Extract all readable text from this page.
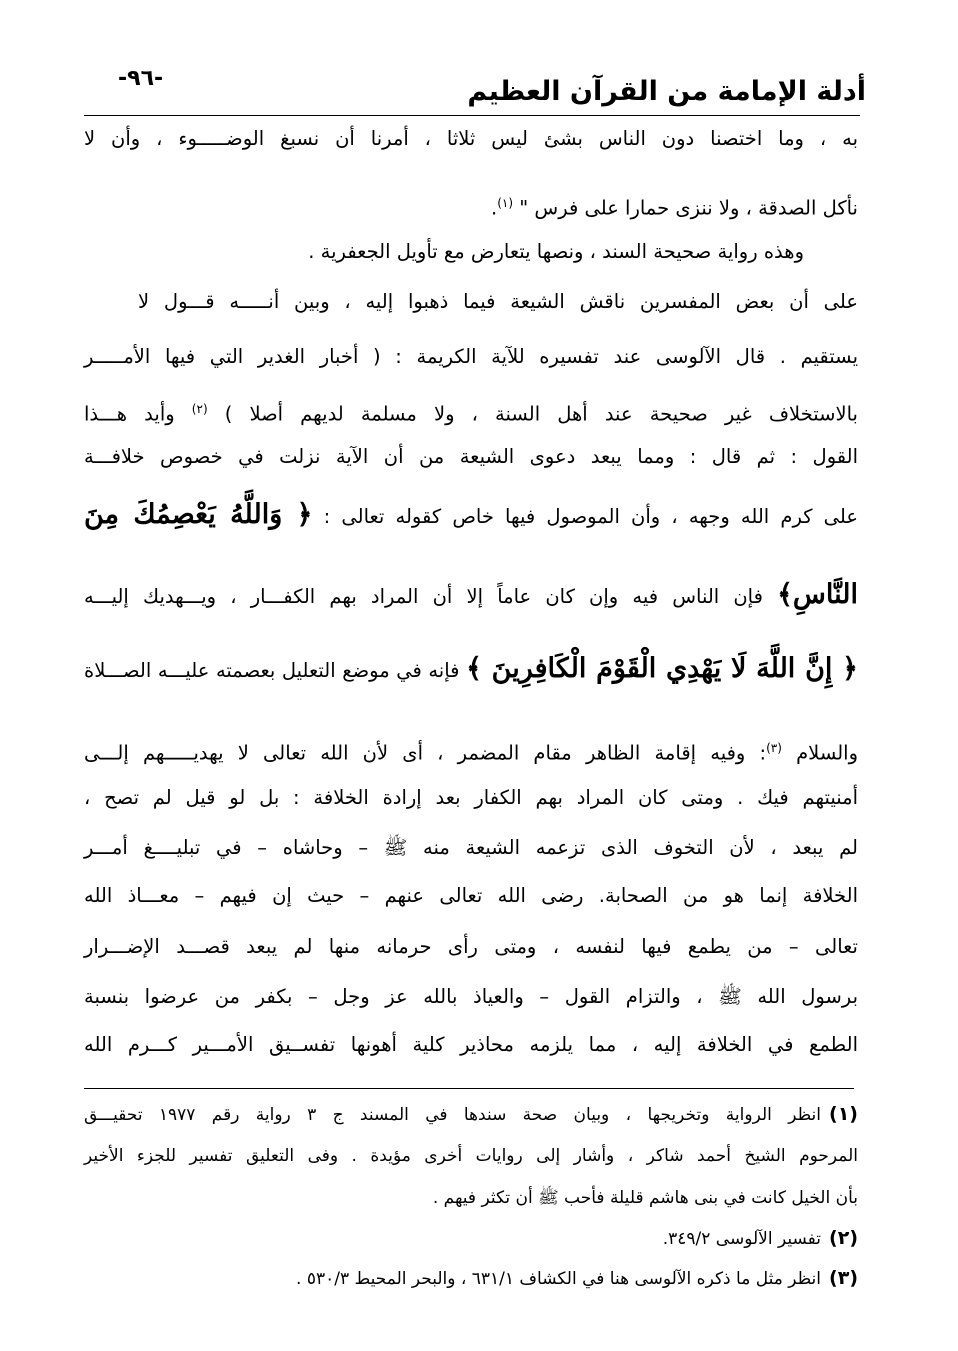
-٩٦-	أدلة الإمامة من القرآن العظيم
به ، وما اختصنا دون الناس بشئ ليس ثلاثا ، أمرنا أن نسبغ الوضـــــوء ، وأن لا
نأكل الصدقة ، ولا ننزى حمارا على فرس " $^{(١)}$.
وهذه رواية صحيحة السند ، ونصها يتعارض مع تأويل الجعفرية .
على أن بعض المفسرين ناقش الشيعة فيما ذهبوا إليه ، وبين أنـــــه قـــول لا
يستقيم . قال الآلوسى عند تفسيره للآية الكريمة : ( أخبار الغدير التي فيها الأمـــــر
بالاستخلاف غير صحيحة عند أهل السنة ، ولا مسلمة لديهم أصلا ) $^{(٢)}$ وأيد هـــذا
القول : ثم قال : ومما يبعد دعوى الشيعة من أن الآية نزلت في خصوص خلافـــة
على كرم الله وجهه ، وأن الموصول فيها خاص كقوله تعالى : ﴿ وَاللَّهُ يَعْصِمُكَ مِنَ
النَّاسِ﴾ فإن الناس فيه وإن كان عاماً إلا أن المراد بهم الكفـــار ، ويـــهديك إليـــه
﴿ إِنَّ اللَّهَ لَا يَهْدِي الْقَوْمَ الْكَافِرِينَ ﴾ فإنه في موضع التعليل بعصمته عليـــه الصـــلاة
والسلام $^{(٣)}$: وفيه إقامة الظاهر مقام المضمر ، أى لأن الله تعالى لا يهديـــــهم إلـــى
أمنيتهم فيك . ومتى كان المراد بهم الكفار بعد إرادة الخلافة : بل لو قيل لم تصح ،
لم يبعد ، لأن التخوف الذى تزعمه الشيعة منه ﷺ – وحاشاه – في تبليــــغ أمـــر
الخلافة إنما هو من الصحابة. رضى الله تعالى عنهم – حيث إن فيهم – معـــاذ الله
تعالى – من يطمع فيها لنفسه ، ومتى رأى حرمانه منها لم يبعد قصـــد الإضـــرار
برسول الله ﷺ ، والتزام القول – والعياذ بالله عز وجل – بكفر من عرضوا بنسبة
الطمع في الخلافة إليه ، مما يلزمه محاذير كلية أهونها تفســيق الأمـــير كـــرم الله
(١)انظر الرواية وتخريجها ، وبيان صحة سندها في المسند ج ٣ رواية رقم ١٩٧٧ تحقيـــق
المرحوم الشيخ أحمد شاكر ، وأشار إلى روايات أخرى مؤيدة . وفى التعليق تفسير للجزء الأخير
بأن الخيل كانت في بنى هاشم قليلة فأحب ﷺ أن تكثر فيهم .
(٢)تفسير الآلوسى ٣٤٩/٢.
(٣)انظر مثل ما ذكره الآلوسى هنا في الكشاف ٦٣١/١ ، والبحر المحيط ٥٣٠/٣ .
